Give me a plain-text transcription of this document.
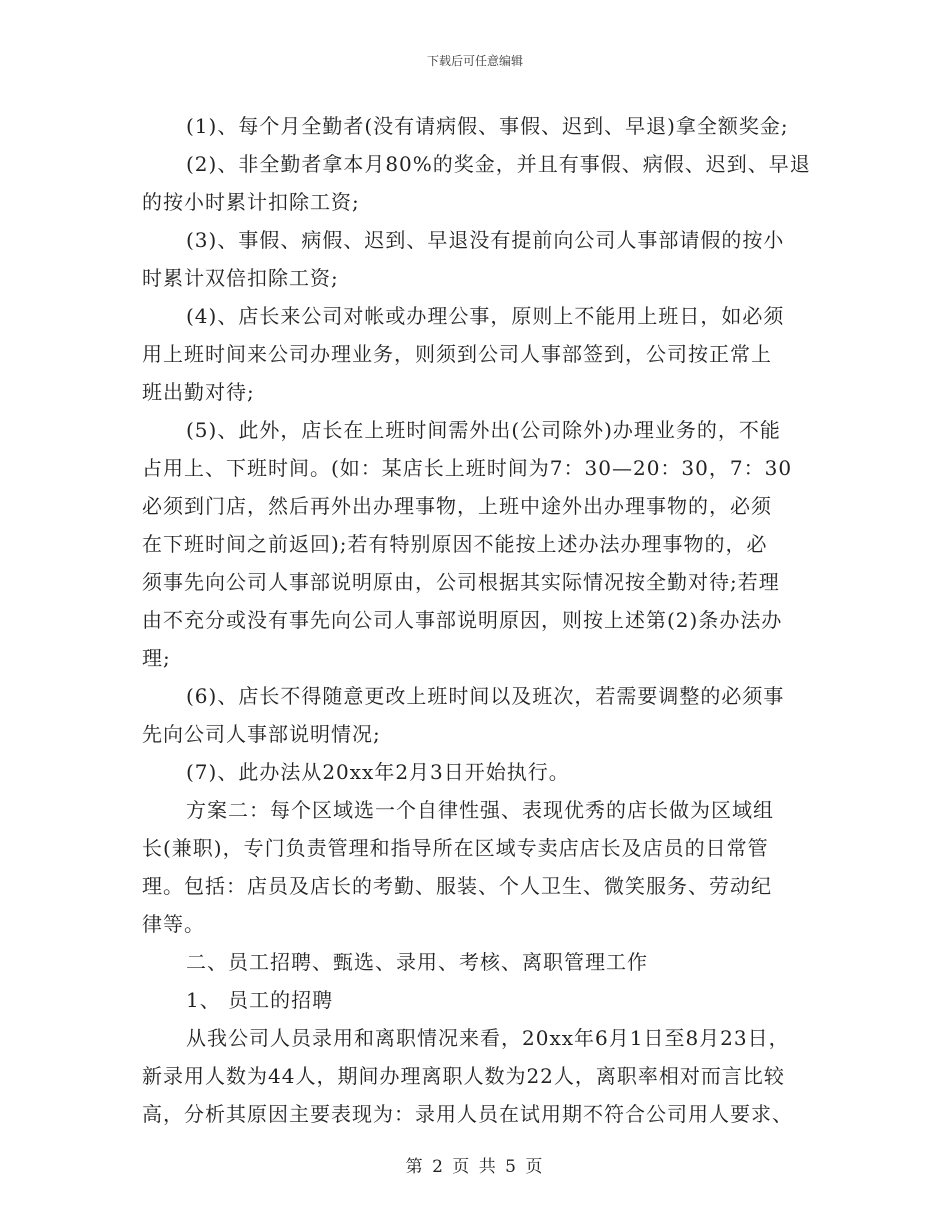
下载后可任意编辑
(1)、每个月全勤者(没有请病假、事假、迟到、早退)拿全额奖金;
(2)、非全勤者拿本月80%的奖金，并且有事假、病假、迟到、早退
的按小时累计扣除工资;
(3)、事假、病假、迟到、早退没有提前向公司人事部请假的按小
时累计双倍扣除工资;
(4)、店长来公司对帐或办理公事，原则上不能用上班日，如必须
用上班时间来公司办理业务，则须到公司人事部签到，公司按正常上
班出勤对待;
(5)、此外，店长在上班时间需外出(公司除外)办理业务的，不能
占用上、下班时间。(如：某店长上班时间为7：30—20：30，7：30
必须到门店，然后再外出办理事物，上班中途外出办理事物的，必须
在下班时间之前返回);若有特别原因不能按上述办法办理事物的，必
须事先向公司人事部说明原由，公司根据其实际情况按全勤对待;若理
由不充分或没有事先向公司人事部说明原因，则按上述第(2)条办法办
理;
(6)、店长不得随意更改上班时间以及班次，若需要调整的必须事
先向公司人事部说明情况;
(7)、此办法从20xx年2月3日开始执行。
方案二：每个区域选一个自律性强、表现优秀的店长做为区域组
长(兼职)，专门负责管理和指导所在区域专卖店店长及店员的日常管
理。包括：店员及店长的考勤、服装、个人卫生、微笑服务、劳动纪
律等。
二、员工招聘、甄选、录用、考核、离职管理工作
1、 员工的招聘
从我公司人员录用和离职情况来看，20xx年6月1日至8月23日，
新录用人数为44人，期间办理离职人数为22人，离职率相对而言比较
高，分析其原因主要表现为：录用人员在试用期不符合公司用人要求、
第 2 页 共 5 页
